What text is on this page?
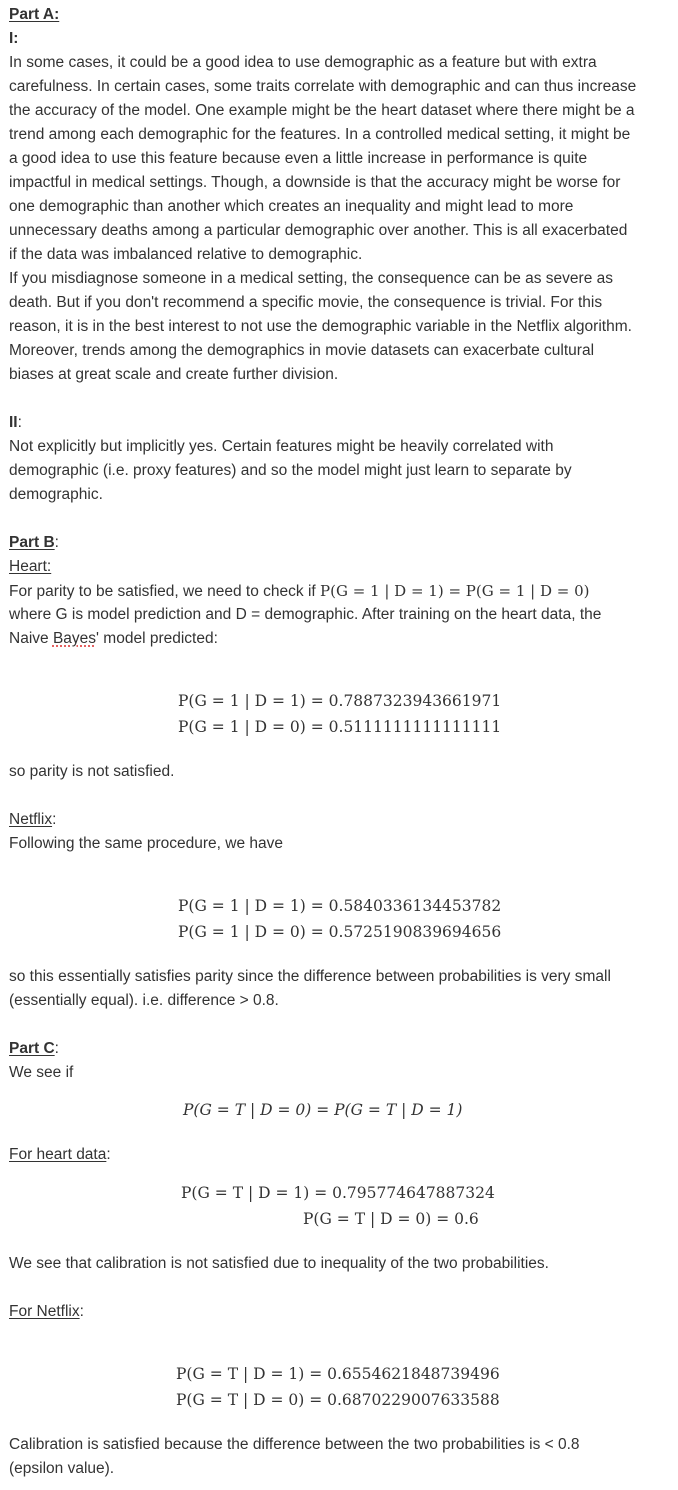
Part A:
I:
In some cases, it could be a good idea to use demographic as a feature but with extra
carefulness. In certain cases, some traits correlate with demographic and can thus increase
the accuracy of the model. One example might be the heart dataset where there might be a
trend among each demographic for the features. In a controlled medical setting, it might be
a good idea to use this feature because even a little increase in performance is quite
impactful in medical settings. Though, a downside is that the accuracy might be worse for
one demographic than another which creates an inequality and might lead to more
unnecessary deaths among a particular demographic over another. This is all exacerbated
if the data was imbalanced relative to demographic.
If you misdiagnose someone in a medical setting, the consequence can be as severe as
death. But if you don't recommend a specific movie, the consequence is trivial. For this
reason, it is in the best interest to not use the demographic variable in the Netflix algorithm.
Moreover, trends among the demographics in movie datasets can exacerbate cultural
biases at great scale and create further division.
II:
Not explicitly but implicitly yes. Certain features might be heavily correlated with
demographic (i.e. proxy features) and so the model might just learn to separate by
demographic.
Part B:
Heart:
For parity to be satisfied, we need to check if P(G = 1 | D = 1) = P(G = 1 | D = 0)
where G is model prediction and D = demographic. After training on the heart data, the
Naive Bayes' model predicted:
P(G = 1 | D = 1) = 0.7887323943661971
P(G = 1 | D = 0) = 0.5111111111111111
so parity is not satisfied.
Netflix:
Following the same procedure, we have
P(G = 1 | D = 1) = 0.5840336134453782
P(G = 1 | D = 0) = 0.5725190839694656
so this essentially satisfies parity since the difference between probabilities is very small
(essentially equal). i.e. difference > 0.8.
Part C:
We see if
P(G = T | D = 0) = P(G = T | D = 1)
For heart data:
P(G = T | D = 1) = 0.795774647887324
P(G = T | D = 0) = 0.6
We see that calibration is not satisfied due to inequality of the two probabilities.
For Netflix:
P(G = T | D = 1) = 0.6554621848739496
P(G = T | D = 0) = 0.6870229007633588
Calibration is satisfied because the difference between the two probabilities is < 0.8
(epsilon value).
